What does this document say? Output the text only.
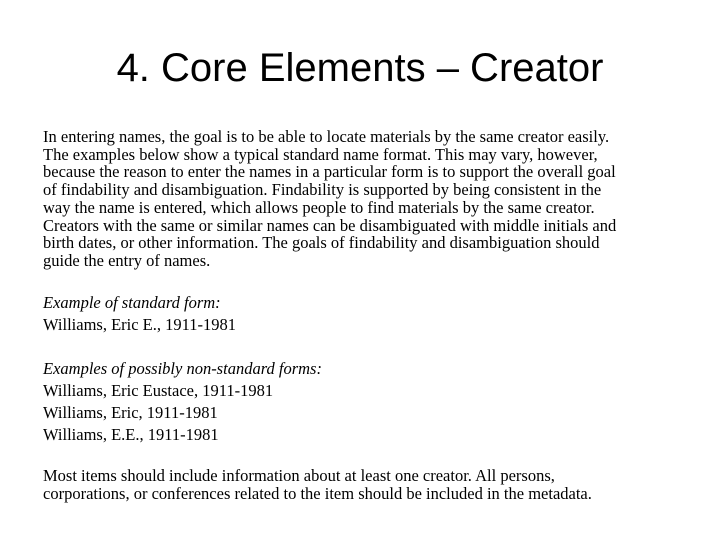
4. Core Elements – Creator
In entering names, the goal is to be able to locate materials by the same creator easily.
The examples below show a typical standard name format. This may vary, however,
because the reason to enter the names in a particular form is to support the overall goal
of findability and disambiguation. Findability is supported by being consistent in the
way the name is entered, which allows people to find materials by the same creator.
Creators with the same or similar names can be disambiguated with middle initials and
birth dates, or other information. The goals of findability and disambiguation should
guide the entry of names.
Example of standard form:
Williams, Eric E., 1911-1981
Examples of possibly non-standard forms:
Williams, Eric Eustace, 1911-1981
Williams, Eric, 1911-1981
Williams, E.E., 1911-1981
Most items should include information about at least one creator. All persons,
corporations, or conferences related to the item should be included in the metadata.
